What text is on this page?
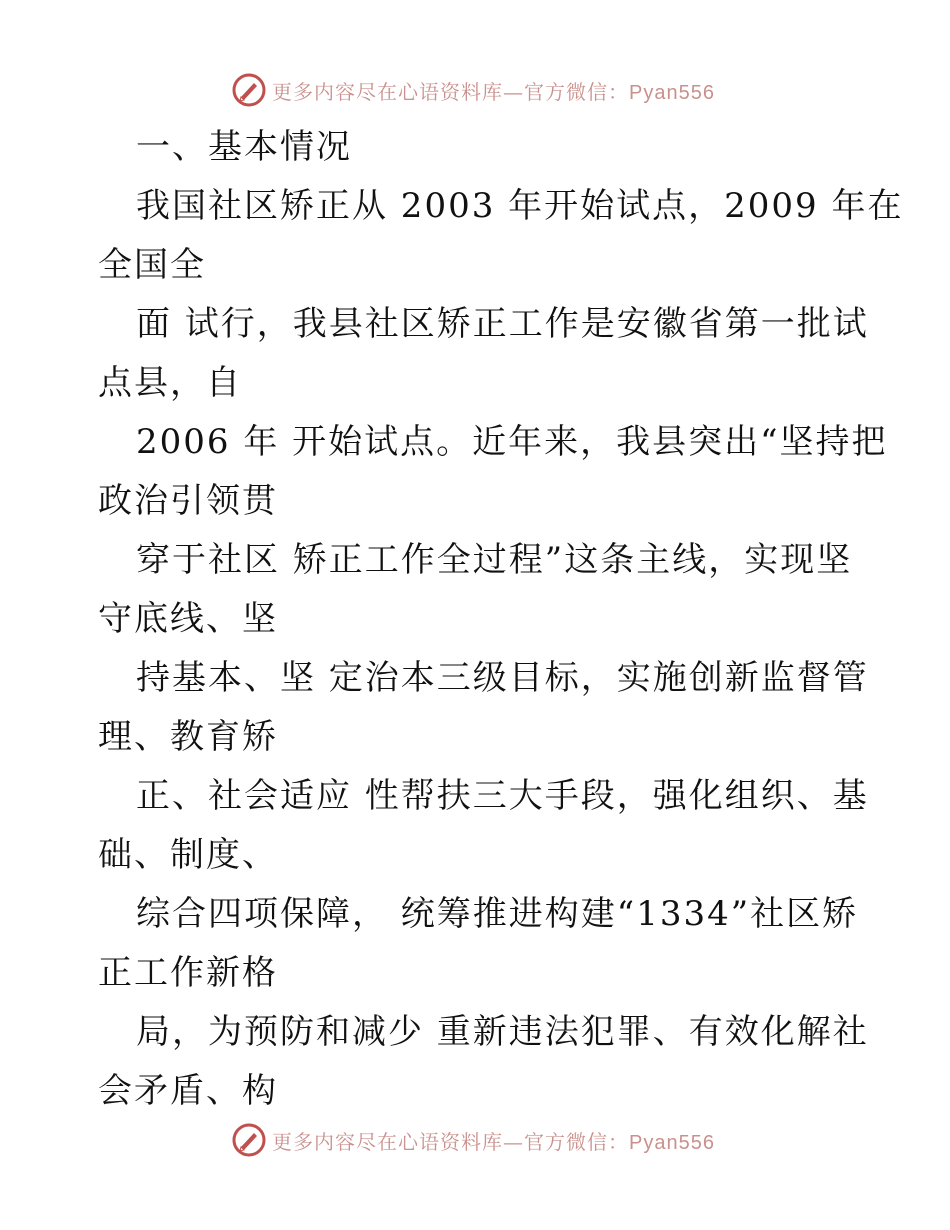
更多内容尽在心语资料库—官方微信：Pyan556
一、基本情况
我国社区矫正从 2003 年开始试点，2009 年在
全国全
面 试行，我县社区矫正工作是安徽省第一批试
点县，自
2006 年 开始试点。近年来，我县突出“坚持把
政治引领贯
穿于社区 矫正工作全过程”这条主线，实现坚
守底线、坚
持基本、坚 定治本三级目标，实施创新监督管
理、教育矫
正、社会适应 性帮扶三大手段，强化组织、基
础、制度、
综合四项保障， 统筹推进构建“1334”社区矫
正工作新格
局，为预防和减少 重新违法犯罪、有效化解社
会矛盾、构
更多内容尽在心语资料库—官方微信：Pyan556
